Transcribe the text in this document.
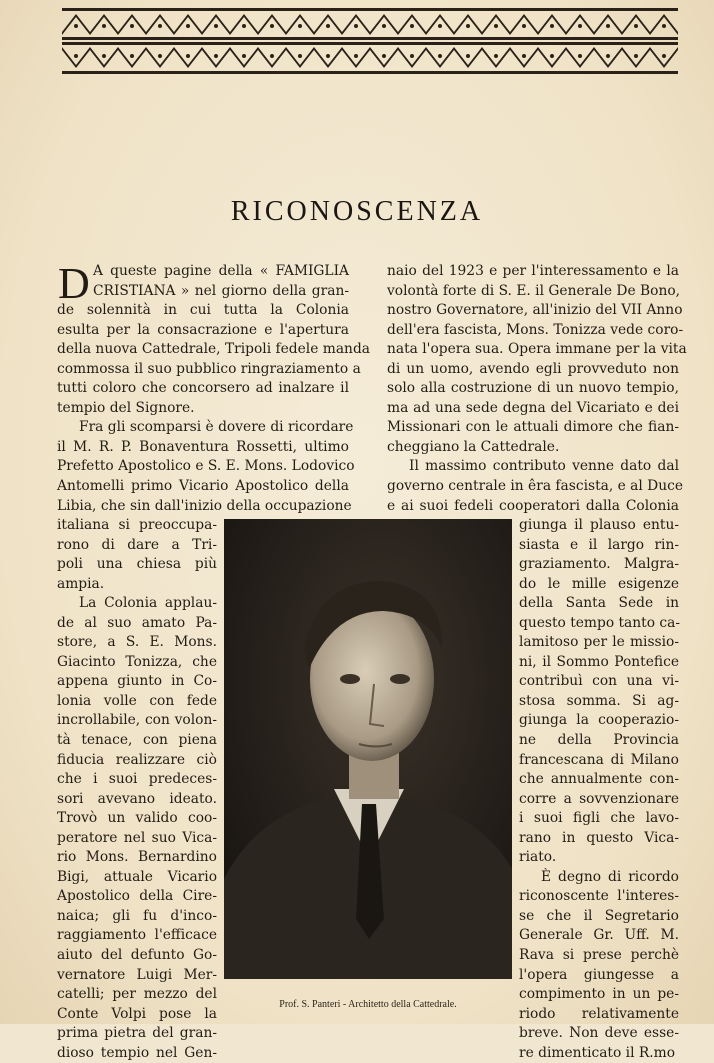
RICONOSCENZA
D A queste pagine della « FAMIGLIA
CRISTIANA » nel giorno della gran-
de solennità in cui tutta la Colonia
esulta per la consacrazione e l'apertura
della nuova Cattedrale, Tripoli fedele manda
commossa il suo pubblico ringraziamento a
tutti coloro che concorsero ad inalzare il
tempio del Signore.
Fra gli scomparsi è dovere di ricordare
il M. R. P. Bonaventura Rossetti, ultimo
Prefetto Apostolico e S. E. Mons. Lodovico
Antomelli primo Vicario Apostolico della
Libia, che sin dall'inizio della occupazione
italiana si preoccupa-
rono di dare a Tri-
poli una chiesa più
ampia.
La Colonia applau-
de al suo amato Pa-
store, a S. E. Mons.
Giacinto Tonizza, che
appena giunto in Co-
lonia volle con fede
incrollabile, con volon-
tà tenace, con piena
fiducia realizzare ciò
che i suoi predeces-
sori avevano ideato.
Trovò un valido coo-
peratore nel suo Vica-
rio Mons. Bernardino
Bigi, attuale Vicario
Apostolico della Cire-
naica; gli fu d'inco-
raggiamento l'efficace
aiuto del defunto Go-
vernatore Luigi Mer-
catelli; per mezzo del
Conte Volpi pose la
prima pietra del gran-
dioso tempio nel Gen-
naio del 1923 e per l'interessamento e la
volontà forte di S. E. il Generale De Bono,
nostro Governatore, all'inizio del VII Anno
dell'era fascista, Mons. Tonizza vede coro-
nata l'opera sua. Opera immane per la vita
di un uomo, avendo egli provveduto non
solo alla costruzione di un nuovo tempio,
ma ad una sede degna del Vicariato e dei
Missionari con le attuali dimore che fian-
cheggiano la Cattedrale.
Il massimo contributo venne dato dal
governo centrale in êra fascista, e al Duce
e ai suoi fedeli cooperatori dalla Colonia
giunga il plauso entu-
siasta e il largo rin-
graziamento. Malgra-
do le mille esigenze
della Santa Sede in
questo tempo tanto ca-
lamitoso per le missio-
ni, il Sommo Pontefice
contribuì con una vi-
stosa somma. Si ag-
giunga la cooperazio-
ne della Provincia
francescana di Milano
che annualmente con-
corre a sovvenzionare
i suoi figli che lavo-
rano in questo Vica-
riato.
È degno di ricordo
riconoscente l'interes-
se che il Segretario
Generale Gr. Uff. M.
Rava si prese perchè
l'opera giungesse a
compimento in un pe-
riodo relativamente
breve. Non deve esse-
re dimenticato il R.mo
Prof. S. Panteri - Architetto della Cattedrale.
